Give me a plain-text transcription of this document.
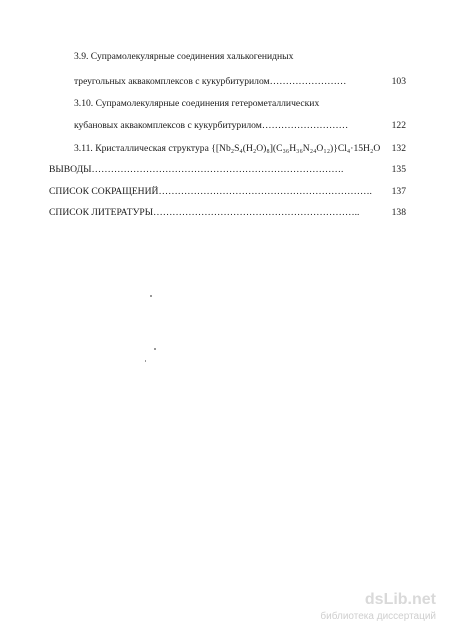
3.9. Супрамолекулярные соединения халькогенидных
треугольных аквакомплексов с кукурбитурилом……………………	103
3.10. Супрамолекулярные соединения гетерометаллических
кубановых аквакомплексов с кукурбитурилом………………………	122
3.11. Кристаллическая структура {[Nb₂S₄(H₂O)₈](C₃₆H₃₆N₂₄O₁₂)}Cl₄·15H₂O	132
ВЫВОДЫ…………………………………………………………………….	135
СПИСОК СОКРАЩЕНИЙ………………………………………………………….	137
СПИСОК ЛИТЕРАТУРЫ………………………………………………………..	138
dsLib.net
библиотека диссертаций
